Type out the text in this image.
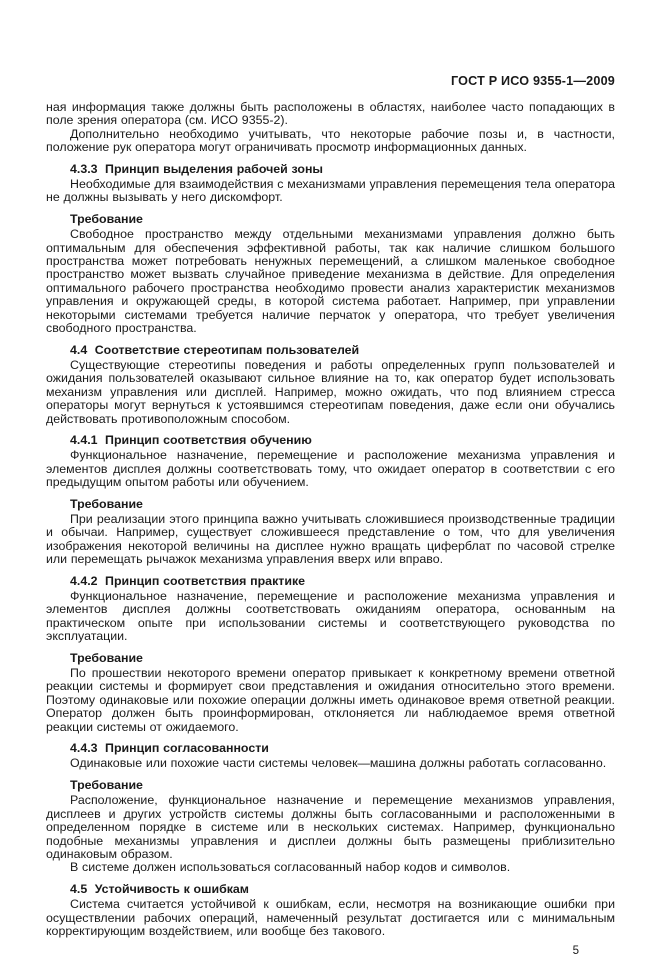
ГОСТ Р ИСО 9355-1—2009

ная информация также должны быть расположены в областях, наиболее часто попадающих в поле зрения оператора (см. ИСО 9355-2).

Дополнительно необходимо учитывать, что некоторые рабочие позы и, в частности, положение рук оператора могут ограничивать просмотр информационных данных.

4.3.3  Принцип выделения рабочей зоны

Необходимые для взаимодействия с механизмами управления перемещения тела оператора не должны вызывать у него дискомфорт.

Требование

Свободное пространство между отдельными механизмами управления должно быть оптимальным для обеспечения эффективной работы, так как наличие слишком большого пространства может потребовать ненужных перемещений, а слишком маленькое свободное пространство может вызвать случайное приведение механизма в действие. Для определения оптимального рабочего пространства необходимо провести анализ характеристик механизмов управления и окружающей среды, в которой система работает. Например, при управлении некоторыми системами требуется наличие перчаток у оператора, что требует увеличения свободного пространства.

4.4  Соответствие стереотипам пользователей

Существующие стереотипы поведения и работы определенных групп пользователей и ожидания пользователей оказывают сильное влияние на то, как оператор будет использовать механизм управления или дисплей. Например, можно ожидать, что под влиянием стресса операторы могут вернуться к устоявшимся стереотипам поведения, даже если они обучались действовать противоположным способом.

4.4.1  Принцип соответствия обучению

Функциональное назначение, перемещение и расположение механизма управления и элементов дисплея должны соответствовать тому, что ожидает оператор в соответствии с его предыдущим опытом работы или обучением.

Требование

При реализации этого принципа важно учитывать сложившиеся производственные традиции и обычаи. Например, существует сложившееся представление о том, что для увеличения изображения некоторой величины на дисплее нужно вращать циферблат по часовой стрелке или перемещать рычажок механизма управления вверх или вправо.

4.4.2  Принцип соответствия практике

Функциональное назначение, перемещение и расположение механизма управления и элементов дисплея должны соответствовать ожиданиям оператора, основанным на практическом опыте при использовании системы и соответствующего руководства по эксплуатации.

Требование

По прошествии некоторого времени оператор привыкает к конкретному времени ответной реакции системы и формирует свои представления и ожидания относительно этого времени. Поэтому одинаковые или похожие операции должны иметь одинаковое время ответной реакции. Оператор должен быть проинформирован, отклоняется ли наблюдаемое время ответной реакции системы от ожидаемого.

4.4.3  Принцип согласованности

Одинаковые или похожие части системы человек—машина должны работать согласованно.

Требование

Расположение, функциональное назначение и перемещение механизмов управления, дисплеев и других устройств системы должны быть согласованными и расположенными в определенном порядке в системе или в нескольких системах. Например, функционально подобные механизмы управления и дисплеи должны быть размещены приблизительно одинаковым образом.

В системе должен использоваться согласованный набор кодов и символов.

4.5  Устойчивость к ошибкам

Система считается устойчивой к ошибкам, если, несмотря на возникающие ошибки при осуществлении рабочих операций, намеченный результат достигается или с минимальным корректирующим воздействием, или вообще без такового.

5
